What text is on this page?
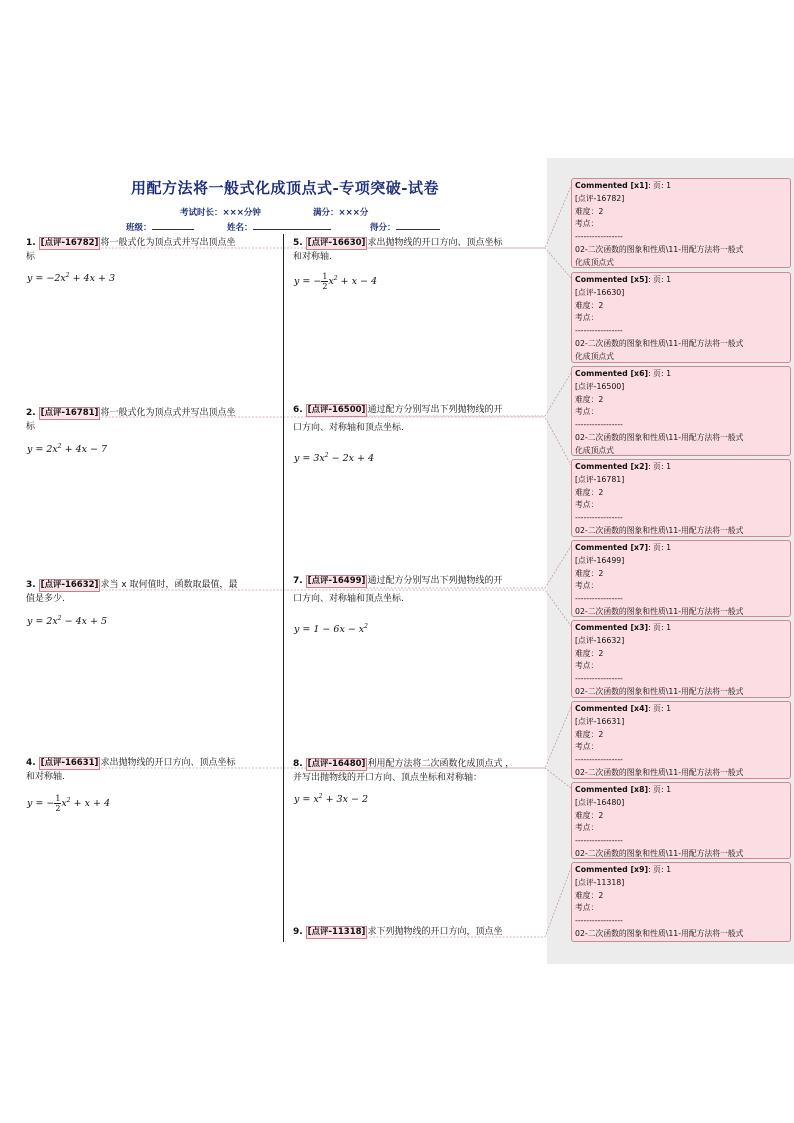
用配方法将一般式化成顶点式-专项突破-试卷
考试时长：×××分钟	满分：×××分
班级：	姓名：	得分：
1. [点评-16782] 将一般式化为顶点式并写出顶点坐
标
$y = -2x^2 + 4x + 3$
2. [点评-16781] 将一般式化为顶点式并写出顶点坐
标
$y = 2x^2 + 4x - 7$
3. [点评-16632] 求当 x 取何值时，函数取最值，最
值是多少.
$y = 2x^2 - 4x + 5$
4. [点评-16631] 求出抛物线的开口方向、顶点坐标
和对称轴.
y = − $\frac{1}{2} x^2 + x + 4$
5. [点评-16630] 求出抛物线的开口方向、顶点坐标
和对称轴.
y = − $\frac{1}{2} x^2 + x - 4$
6. [点评-16500] 通过配方分别写出下列抛物线的开
口方向、对称轴和顶点坐标.
$y = 3x^2 - 2x + 4$
7. [点评-16499] 通过配方分别写出下列抛物线的开
口方向、对称轴和顶点坐标.
$y = 1 - 6x - x^2$
8. [点评-16480] 利用配方法将二次函数化成顶点式 ，
并写出抛物线的开口方向、顶点坐标和对称轴：
$y = x^2 + 3x - 2$
9. [点评-11318] 求下列抛物线的开口方向，顶点坐
Commented [x1]: 页: 1
[点评-16782]
难度：2
考点：
-----------------
02-二次函数的图象和性质\11-用配方法将一般式
化成顶点式
Commented [x5]: 页: 1
[点评-16630]
难度：2
考点：
-----------------
02-二次函数的图象和性质\11-用配方法将一般式
化成顶点式
Commented [x6]: 页: 1
[点评-16500]
难度：2
考点：
-----------------
02-二次函数的图象和性质\11-用配方法将一般式
化成顶点式
Commented [x2]: 页: 1
[点评-16781]
难度：2
考点：
-----------------
02-二次函数的图象和性质\11-用配方法将一般式
Commented [x7]: 页: 1
[点评-16499]
难度：2
考点：
-----------------
02-二次函数的图象和性质\11-用配方法将一般式
Commented [x3]: 页: 1
[点评-16632]
难度：2
考点：
-----------------
02-二次函数的图象和性质\11-用配方法将一般式
Commented [x4]: 页: 1
[点评-16631]
难度：2
考点：
-----------------
02-二次函数的图象和性质\11-用配方法将一般式
Commented [x8]: 页: 1
[点评-16480]
难度：2
考点：
-----------------
02-二次函数的图象和性质\11-用配方法将一般式
Commented [x9]: 页: 1
[点评-11318]
难度：2
考点：
-----------------
02-二次函数的图象和性质\11-用配方法将一般式
